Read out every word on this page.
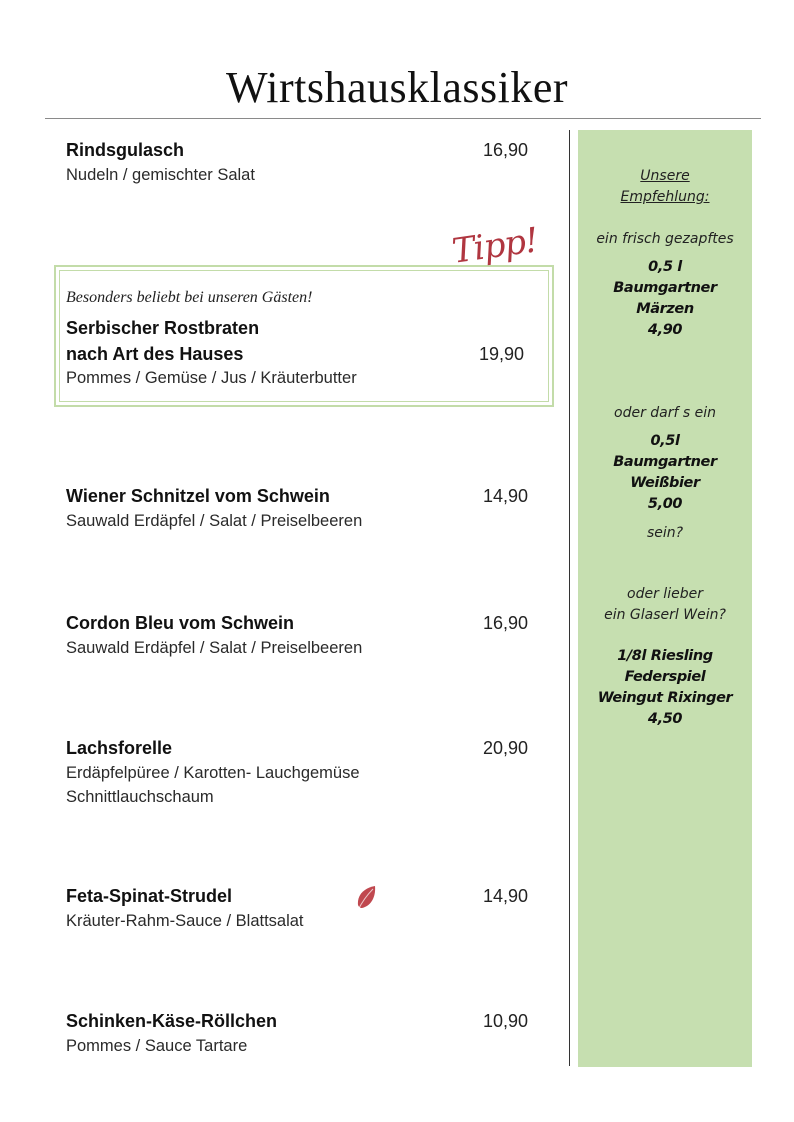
Wirtshausklassiker
Rindsgulasch
Nudeln / gemischter Salat
16,90
Tipp!
Besonders beliebt bei unseren Gästen!
Serbischer Rostbraten
nach Art des Hauses	19,90
Pommes / Gemüse / Jus / Kräuterbutter
Wiener Schnitzel vom Schwein
Sauwald Erdäpfel / Salat / Preiselbeeren
14,90
Cordon Bleu vom Schwein
Sauwald Erdäpfel / Salat / Preiselbeeren
16,90
Lachsforelle
Erdäpfelpüree / Karotten- Lauchgemüse
Schnittlauchschaum
20,90
Feta-Spinat-Strudel
Kräuter-Rahm-Sauce / Blattsalat
14,90
Schinken-Käse-Röllchen
Pommes / Sauce Tartare
10,90
Unsere
Empfehlung:
ein frisch gezapftes
0,5 l
Baumgartner
Märzen
4,90
oder darf s ein
0,5l
Baumgartner
Weißbier
5,00
sein?
oder lieber
ein Glaserl Wein?
1/8l Riesling
Federspiel
Weingut Rixinger
4,50
